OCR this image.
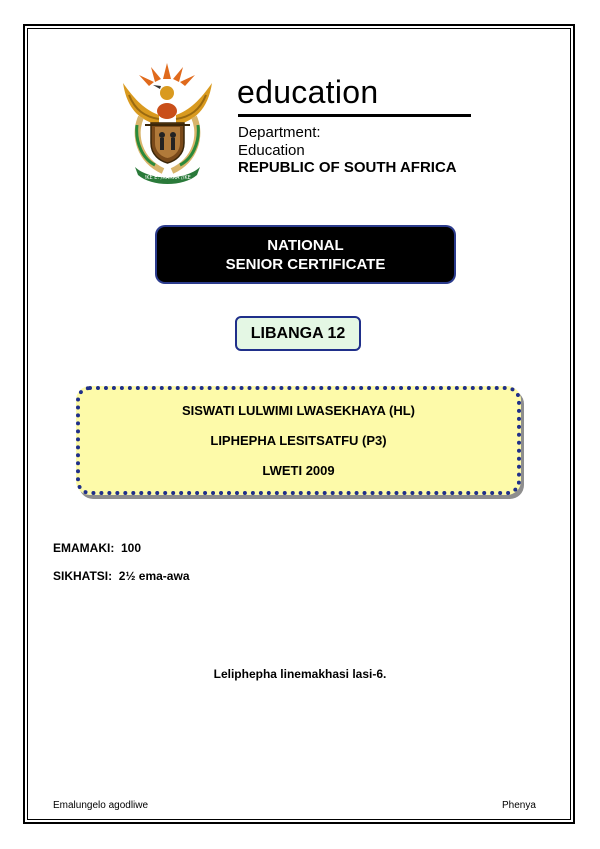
!KE E: /XARRA //KE
education
Department:
Education
REPUBLIC OF SOUTH AFRICA
NATIONAL
SENIOR CERTIFICATE
LIBANGA 12
SISWATI LULWIMI LWASEKHAYA (HL)
LIPHEPHA LESITSATFU (P3)
LWETI 2009
EMAMAKI:  100
SIKHATSI:  2½ ema-awa
Leliphepha linemakhasi lasi-6.
Emalungelo agodliwe	Phenya
